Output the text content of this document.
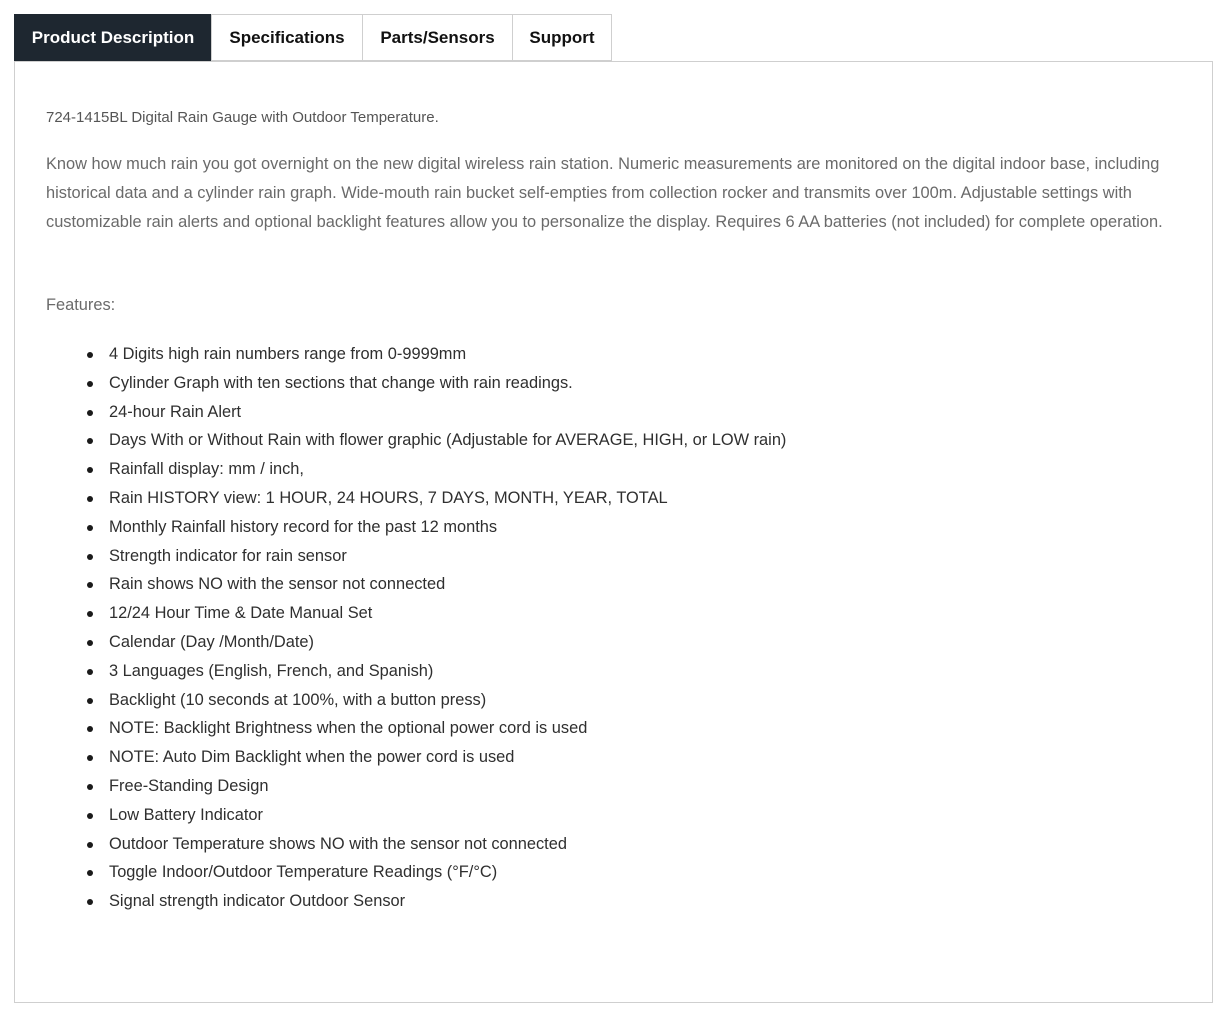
Product Description Specifications Parts/Sensors Support

724-1415BL Digital Rain Gauge with Outdoor Temperature.

Know how much rain you got overnight on the new digital wireless rain station. Numeric measurements are monitored on the digital indoor base, including historical data and a cylinder rain graph. Wide-mouth rain bucket self-empties from collection rocker and transmits over 100m. Adjustable settings with customizable rain alerts and optional backlight features allow you to personalize the display. Requires 6 AA batteries (not included) for complete operation.

Features:

4 Digits high rain numbers range from 0-9999mm
Cylinder Graph with ten sections that change with rain readings.
24-hour Rain Alert
Days With or Without Rain with flower graphic (Adjustable for AVERAGE, HIGH, or LOW rain)
Rainfall display: mm / inch,
Rain HISTORY view: 1 HOUR, 24 HOURS, 7 DAYS, MONTH, YEAR, TOTAL
Monthly Rainfall history record for the past 12 months
Strength indicator for rain sensor
Rain shows NO with the sensor not connected
12/24 Hour Time & Date Manual Set
Calendar (Day /Month/Date)
3 Languages (English, French, and Spanish)
Backlight (10 seconds at 100%, with a button press)
NOTE: Backlight Brightness when the optional power cord is used
NOTE: Auto Dim Backlight when the power cord is used
Free-Standing Design
Low Battery Indicator
Outdoor Temperature shows NO with the sensor not connected
Toggle Indoor/Outdoor Temperature Readings (°F/°C)
Signal strength indicator Outdoor Sensor
